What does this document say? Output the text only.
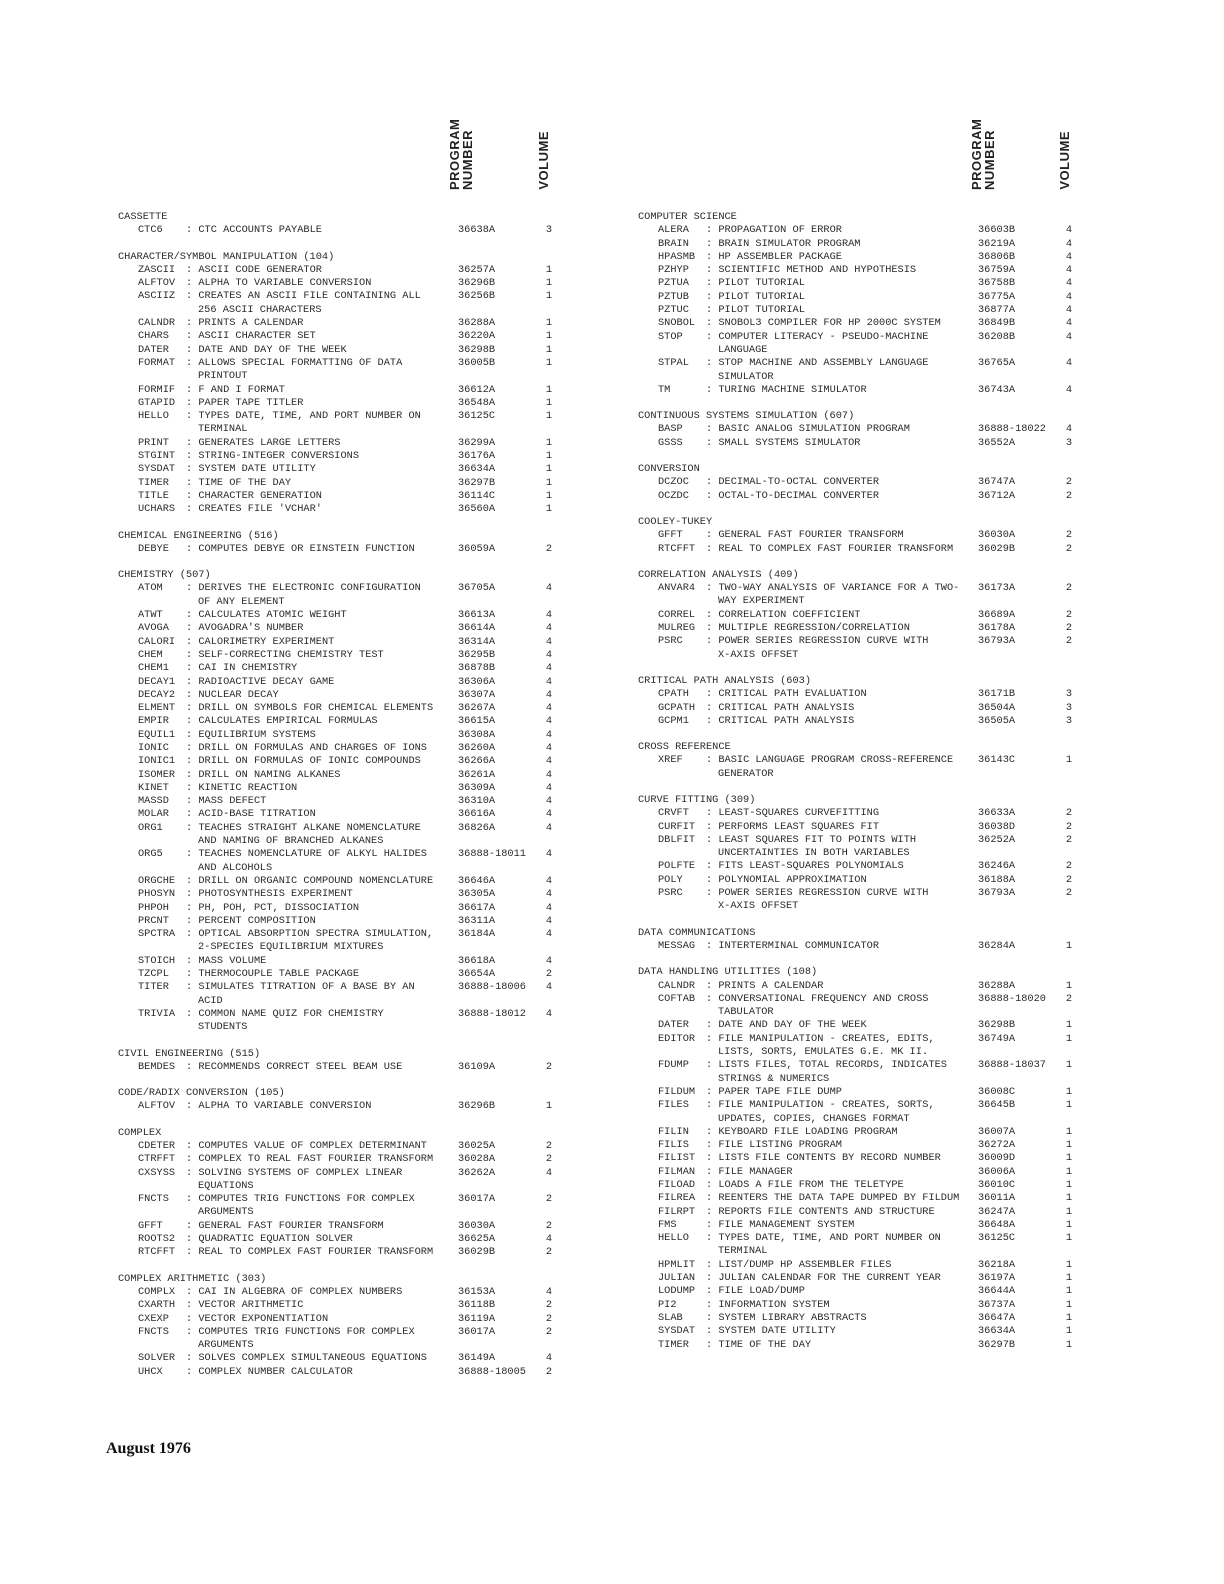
PROGRAM NUMBER	VOLUME
CASSETTE
CTC6 : CTC ACCOUNTS PAYABLE	36638A	3
CHARACTER/SYMBOL MANIPULATION (104)
ZASCII : ASCII CODE GENERATOR	36257A	1
ALFTOV : ALPHA TO VARIABLE CONVERSION	36296B	1
ASCIIZ : CREATES AN ASCII FILE CONTAINING ALL
256 ASCII CHARACTERS
36256B	1
CALNDR : PRINTS A CALENDAR	36288A	1
CHARS : ASCII CHARACTER SET	36220A	1
DATER : DATE AND DAY OF THE WEEK	36298B	1
FORMAT : ALLOWS SPECIAL FORMATTING OF DATA
PRINTOUT
36005B	1
FORMIF : F AND I FORMAT	36612A	1
GTAPID : PAPER TAPE TITLER	36548A	1
HELLO : TYPES DATE, TIME, AND PORT NUMBER ON
TERMINAL
36125C	1
PRINT : GENERATES LARGE LETTERS	36299A	1
STGINT : STRING-INTEGER CONVERSIONS	36176A	1
SYSDAT : SYSTEM DATE UTILITY	36634A	1
TIMER : TIME OF THE DAY	36297B	1
TITLE : CHARACTER GENERATION	36114C	1
UCHARS : CREATES FILE 'VCHAR'	36560A	1
CHEMICAL ENGINEERING (516)
DEBYE : COMPUTES DEBYE OR EINSTEIN FUNCTION	36059A	2
CHEMISTRY (507)
ATOM : DERIVES THE ELECTRONIC CONFIGURATION
OF ANY ELEMENT
36705A	4
ATWT : CALCULATES ATOMIC WEIGHT	36613A	4
AVOGA : AVOGADRA'S NUMBER	36614A	4
CALORI : CALORIMETRY EXPERIMENT	36314A	4
CHEM : SELF-CORRECTING CHEMISTRY TEST	36295B	4
CHEM1 : CAI IN CHEMISTRY	36878B	4
DECAY1 : RADIOACTIVE DECAY GAME	36306A	4
DECAY2 : NUCLEAR DECAY	36307A	4
ELMENT : DRILL ON SYMBOLS FOR CHEMICAL ELEMENTS	36267A	4
EMPIR : CALCULATES EMPIRICAL FORMULAS	36615A	4
EQUIL1 : EQUILIBRIUM SYSTEMS	36308A	4
IONIC : DRILL ON FORMULAS AND CHARGES OF IONS	36260A	4
IONIC1 : DRILL ON FORMULAS OF IONIC COMPOUNDS	36266A	4
ISOMER : DRILL ON NAMING ALKANES	36261A	4
KINET : KINETIC REACTION	36309A	4
MASSD : MASS DEFECT	36310A	4
MOLAR : ACID-BASE TITRATION	36616A	4
ORG1 : TEACHES STRAIGHT ALKANE NOMENCLATURE
AND NAMING OF BRANCHED ALKANES
36826A	4
ORG5 : TEACHES NOMENCLATURE OF ALKYL HALIDES
AND ALCOHOLS
36888-18011	4
ORGCHE : DRILL ON ORGANIC COMPOUND NOMENCLATURE	36646A	4
PHOSYN : PHOTOSYNTHESIS EXPERIMENT	36305A	4
PHPOH : PH, POH, PCT, DISSOCIATION	36617A	4
PRCNT : PERCENT COMPOSITION	36311A	4
SPCTRA : OPTICAL ABSORPTION SPECTRA SIMULATION,
2-SPECIES EQUILIBRIUM MIXTURES
36184A	4
STOICH : MASS VOLUME	36618A	4
TZCPL : THERMOCOUPLE TABLE PACKAGE	36654A	2
TITER : SIMULATES TITRATION OF A BASE BY AN
ACID
36888-18006	4
TRIVIA : COMMON NAME QUIZ FOR CHEMISTRY
STUDENTS
36888-18012	4
CIVIL ENGINEERING (515)
BEMDES : RECOMMENDS CORRECT STEEL BEAM USE	36109A	2
CODE/RADIX CONVERSION (105)
ALFTOV : ALPHA TO VARIABLE CONVERSION	36296B	1
COMPLEX
CDETER : COMPUTES VALUE OF COMPLEX DETERMINANT	36025A	2
CTRFFT : COMPLEX TO REAL FAST FOURIER TRANSFORM	36028A	2
CXSYSS : SOLVING SYSTEMS OF COMPLEX LINEAR
EQUATIONS
36262A	4
FNCTS : COMPUTES TRIG FUNCTIONS FOR COMPLEX
ARGUMENTS
36017A	2
GFFT : GENERAL FAST FOURIER TRANSFORM	36030A	2
ROOTS2 : QUADRATIC EQUATION SOLVER	36625A	4
RTCFFT : REAL TO COMPLEX FAST FOURIER TRANSFORM	36029B	2
COMPLEX ARITHMETIC (303)
COMPLX : CAI IN ALGEBRA OF COMPLEX NUMBERS	36153A	4
CXARTH : VECTOR ARITHMETIC	36118B	2
CXEXP : VECTOR EXPONENTIATION	36119A	2
FNCTS : COMPUTES TRIG FUNCTIONS FOR COMPLEX
ARGUMENTS
36017A	2
SOLVER : SOLVES COMPLEX SIMULTANEOUS EQUATIONS	36149A	4
UHCX : COMPLEX NUMBER CALCULATOR	36888-18005	2
PROGRAM NUMBER	VOLUME
COMPUTER SCIENCE
ALERA : PROPAGATION OF ERROR	36603B	4
BRAIN : BRAIN SIMULATOR PROGRAM	36219A	4
HPASMB : HP ASSEMBLER PACKAGE	36806B	4
PZHYP : SCIENTIFIC METHOD AND HYPOTHESIS	36759A	4
PZTUA : PILOT TUTORIAL	36758B	4
PZTUB : PILOT TUTORIAL	36775A	4
PZTUC : PILOT TUTORIAL	36877A	4
SNOBOL : SNOBOL3 COMPILER FOR HP 2000C SYSTEM	36849B	4
STOP : COMPUTER LITERACY - PSEUDO-MACHINE
LANGUAGE
36208B	4
STPAL : STOP MACHINE AND ASSEMBLY LANGUAGE
SIMULATOR
36765A	4
TM	: TURING MACHINE SIMULATOR	36743A	4
CONTINUOUS SYSTEMS SIMULATION (607)
BASP : BASIC ANALOG SIMULATION PROGRAM	36888-18022	4
GSSS : SMALL SYSTEMS SIMULATOR	36552A	3
CONVERSION
DCZOC : DECIMAL-TO-OCTAL CONVERTER	36747A	2
OCZDC : OCTAL-TO-DECIMAL CONVERTER	36712A	2
COOLEY-TUKEY
GFFT : GENERAL FAST FOURIER TRANSFORM	36030A	2
RTCFFT : REAL TO COMPLEX FAST FOURIER TRANSFORM	36029B	2
CORRELATION ANALYSIS (409)
ANVAR4 : TWO-WAY ANALYSIS OF VARIANCE FOR A TWO-
WAY EXPERIMENT
36173A	2
CORREL : CORRELATION COEFFICIENT	36689A	2
MULREG : MULTIPLE REGRESSION/CORRELATION	36178A	2
PSRC : POWER SERIES REGRESSION CURVE WITH
X-AXIS OFFSET
36793A	2
CRITICAL PATH ANALYSIS (603)
CPATH : CRITICAL PATH EVALUATION	36171B	3
GCPATH : CRITICAL PATH ANALYSIS	36504A	3
GCPM1 : CRITICAL PATH ANALYSIS	36505A	3
CROSS REFERENCE
XREF : BASIC LANGUAGE PROGRAM CROSS-REFERENCE
GENERATOR
36143C	1
CURVE FITTING (309)
CRVFT : LEAST-SQUARES CURVEFITTING	36633A	2
CURFIT : PERFORMS LEAST SQUARES FIT	36038D	2
DBLFIT : LEAST SQUARES FIT TO POINTS WITH
UNCERTAINTIES IN BOTH VARIABLES
36252A	2
POLFTE : FITS LEAST-SQUARES POLYNOMIALS	36246A	2
POLY : POLYNOMIAL APPROXIMATION	36188A	2
PSRC : POWER SERIES REGRESSION CURVE WITH
X-AXIS OFFSET
36793A	2
DATA COMMUNICATIONS
MESSAG : INTERTERMINAL COMMUNICATOR	36284A	1
DATA HANDLING UTILITIES (108)
CALNDR : PRINTS A CALENDAR	36288A	1
COFTAB : CONVERSATIONAL FREQUENCY AND CROSS
TABULATOR
36888-18020	2
DATER : DATE AND DAY OF THE WEEK	36298B	1
EDITOR : FILE MANIPULATION - CREATES, EDITS,
LISTS, SORTS, EMULATES G.E. MK II.
36749A	1
FDUMP : LISTS FILES, TOTAL RECORDS, INDICATES
STRINGS & NUMERICS
36888-18037	1
FILDUM : PAPER TAPE FILE DUMP	36008C	1
FILES : FILE MANIPULATION - CREATES, SORTS,
UPDATES, COPIES, CHANGES FORMAT
36645B	1
FILIN : KEYBOARD FILE LOADING PROGRAM	36007A	1
FILIS : FILE LISTING PROGRAM	36272A	1
FILIST : LISTS FILE CONTENTS BY RECORD NUMBER	36009D	1
FILMAN : FILE MANAGER	36006A	1
FILOAD : LOADS A FILE FROM THE TELETYPE	36010C	1
FILREA : REENTERS THE DATA TAPE DUMPED BY FILDUM	36011A	1
FILRPT : REPORTS FILE CONTENTS AND STRUCTURE	36247A	1
FMS	: FILE MANAGEMENT SYSTEM	36648A	1
HELLO : TYPES DATE, TIME, AND PORT NUMBER ON
TERMINAL
36125C	1
HPMLIT : LIST/DUMP HP ASSEMBLER FILES	36218A	1
JULIAN : JULIAN CALENDAR FOR THE CURRENT YEAR	36197A	1
LODUMP : FILE LOAD/DUMP	36644A	1
PI2	: INFORMATION SYSTEM	36737A	1
SLAB : SYSTEM LIBRARY ABSTRACTS	36647A	1
SYSDAT : SYSTEM DATE UTILITY	36634A	1
TIMER : TIME OF THE DAY	36297B	1
August 1976
